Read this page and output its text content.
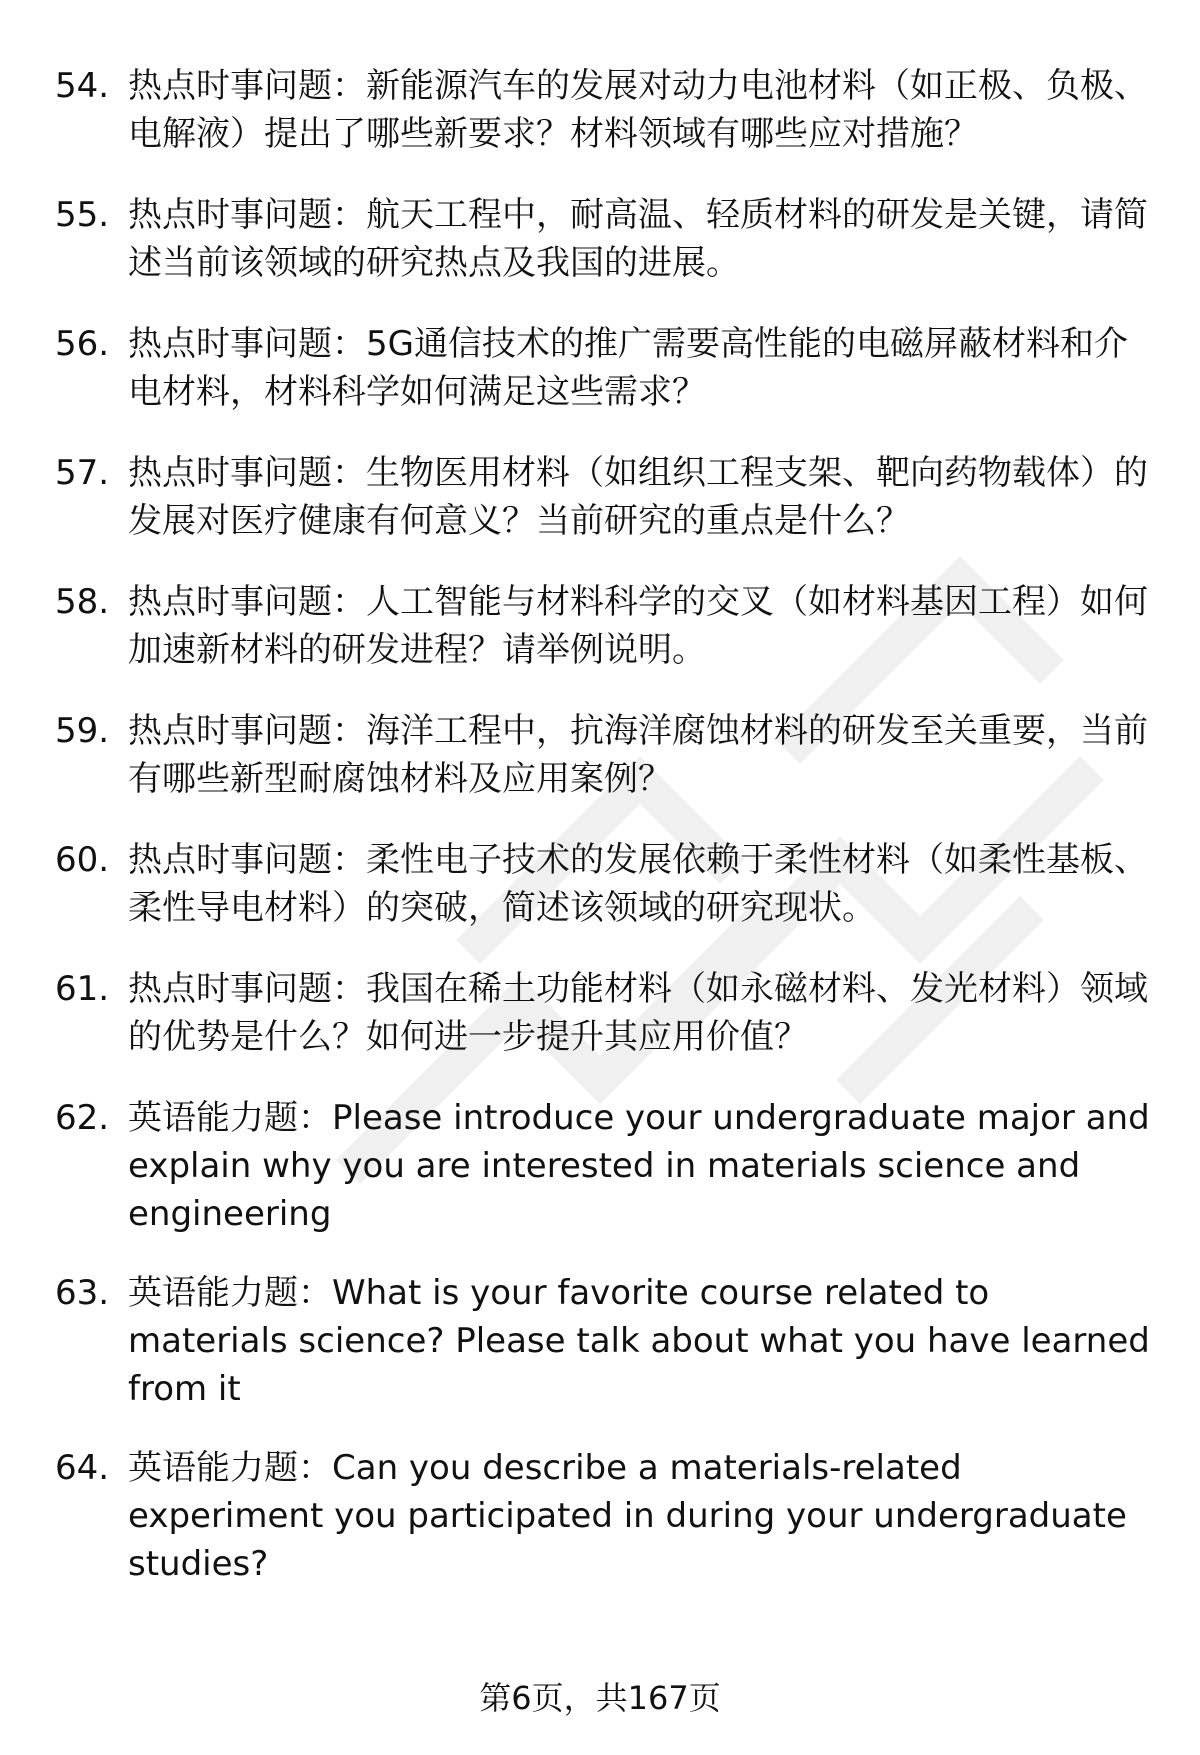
54. 热点时事问题：新能源汽车的发展对动力电池材料（如正极、负极、电解液）提出了哪些新要求？材料领域有哪些应对措施？
55. 热点时事问题：航天工程中，耐高温、轻质材料的研发是关键，请简述当前该领域的研究热点及我国的进展。
56. 热点时事问题：5G通信技术的推广需要高性能的电磁屏蔽材料和介电材料，材料科学如何满足这些需求？
57. 热点时事问题：生物医用材料（如组织工程支架、靶向药物载体）的发展对医疗健康有何意义？当前研究的重点是什么？
58. 热点时事问题：人工智能与材料科学的交叉（如材料基因工程）如何加速新材料的研发进程？请举例说明。
59. 热点时事问题：海洋工程中，抗海洋腐蚀材料的研发至关重要，当前有哪些新型耐腐蚀材料及应用案例？
60. 热点时事问题：柔性电子技术的发展依赖于柔性材料（如柔性基板、柔性导电材料）的突破，简述该领域的研究现状。
61. 热点时事问题：我国在稀土功能材料（如永磁材料、发光材料）领域的优势是什么？如何进一步提升其应用价值？
62. 英语能力题：Please introduce your undergraduate major and explain why you are interested in materials science and engineering
63. 英语能力题：What is your favorite course related to materials science? Please talk about what you have learned from it
64. 英语能力题：Can you describe a materials-related experiment you participated in during your undergraduate studies?
第6页，共167页
